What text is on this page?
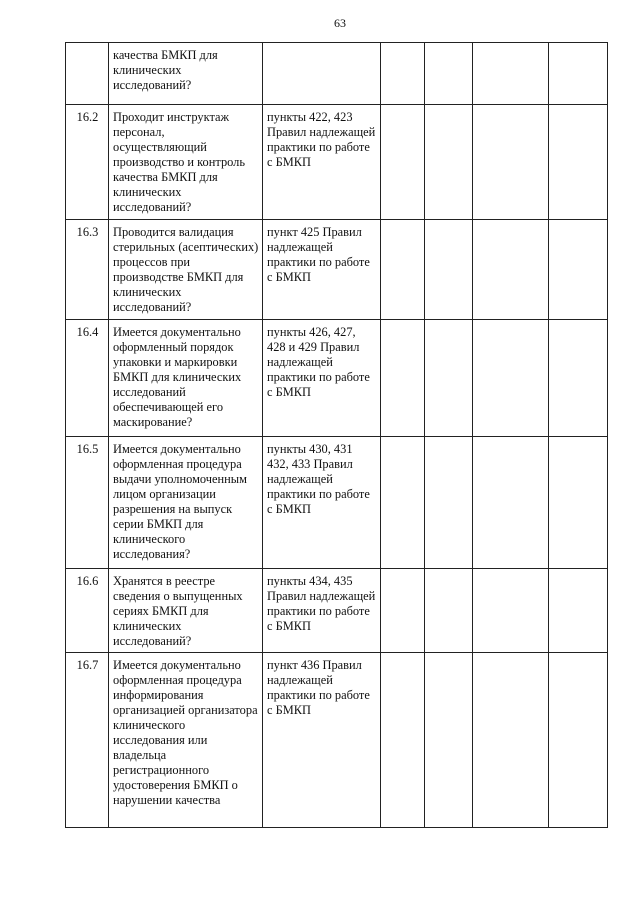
63
	качества БМКП для клинических исследований?					
16.2	Проходит инструктаж персонал, осуществляющий производство и контроль качества БМКП для клинических исследований?	пункты 422, 423 Правил надлежащей практики по работе с БМКП				
16.3	Проводится валидация стерильных (асептических) процессов при производстве БМКП для клинических исследований?	пункт 425 Правил надлежащей практики по работе с БМКП				
16.4	Имеется документально оформленный порядок упаковки и маркировки БМКП для клинических исследований обеспечивающей его маскирование?	пункты 426, 427, 428 и 429 Правил надлежащей практики по работе с БМКП				
16.5	Имеется документально оформленная процедура выдачи уполномоченным лицом организации разрешения на выпуск серии БМКП для клинического исследования?	пункты 430, 431 432, 433 Правил надлежащей практики по работе с БМКП				
16.6	Хранятся в реестре сведения о выпущенных сериях БМКП для клинических исследований?	пункты 434, 435 Правил надлежащей практики по работе с БМКП				
16.7	Имеется документально оформленная процедура информирования организацией организатора клинического исследования или владельца регистрационного удостоверения БМКП о нарушении качества	пункт 436 Правил надлежащей практики по работе с БМКП				
